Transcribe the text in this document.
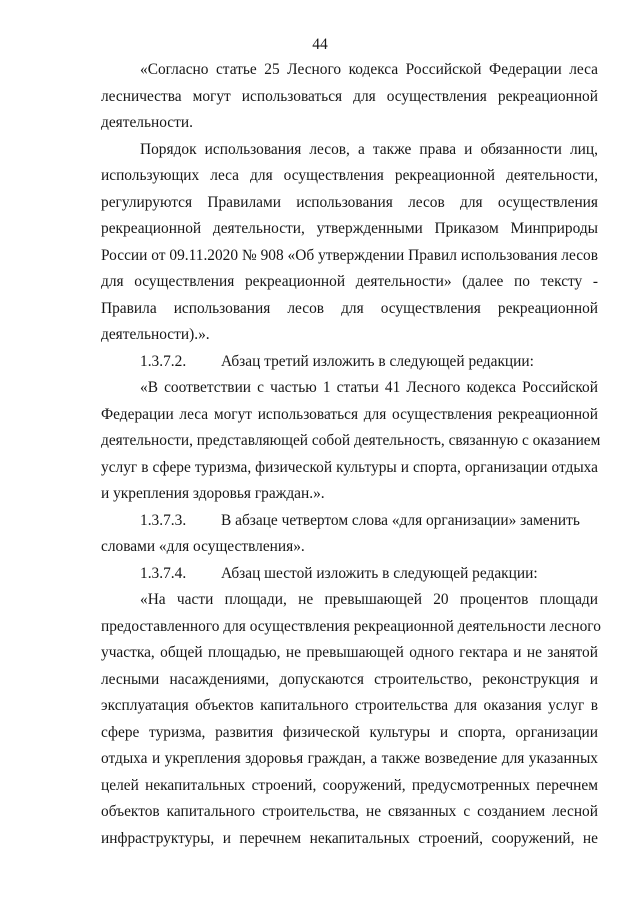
44
«Согласно статье 25 Лесного кодекса Российской Федерации леса
лесничества могут использоваться для осуществления рекреационной
деятельности.
Порядок использования лесов, а также права и обязанности лиц,
использующих леса для осуществления рекреационной деятельности,
регулируются Правилами использования лесов для осуществления
рекреационной деятельности, утвержденными Приказом Минприроды
России от 09.11.2020 № 908 «Об утверждении Правил использования лесов
для осуществления рекреационной деятельности» (далее по тексту -
Правила использования лесов для осуществления рекреационной
деятельности).».
1.3.7.2. Абзац третий изложить в следующей редакции:
«В соответствии с частью 1 статьи 41 Лесного кодекса Российской
Федерации леса могут использоваться для осуществления рекреационной
деятельности, представляющей собой деятельность, связанную с оказанием
услуг в сфере туризма, физической культуры и спорта, организации отдыха
и укрепления здоровья граждан.».
1.3.7.3. В абзаце четвертом слова «для организации» заменить
словами «для осуществления».
1.3.7.4. Абзац шестой изложить в следующей редакции:
«На части площади, не превышающей 20 процентов площади
предоставленного для осуществления рекреационной деятельности лесного
участка, общей площадью, не превышающей одного гектара и не занятой
лесными насаждениями, допускаются строительство, реконструкция и
эксплуатация объектов капитального строительства для оказания услуг в
сфере туризма, развития физической культуры и спорта, организации
отдыха и укрепления здоровья граждан, а также возведение для указанных
целей некапитальных строений, сооружений, предусмотренных перечнем
объектов капитального строительства, не связанных с созданием лесной
инфраструктуры, и перечнем некапитальных строений, сооружений, не
